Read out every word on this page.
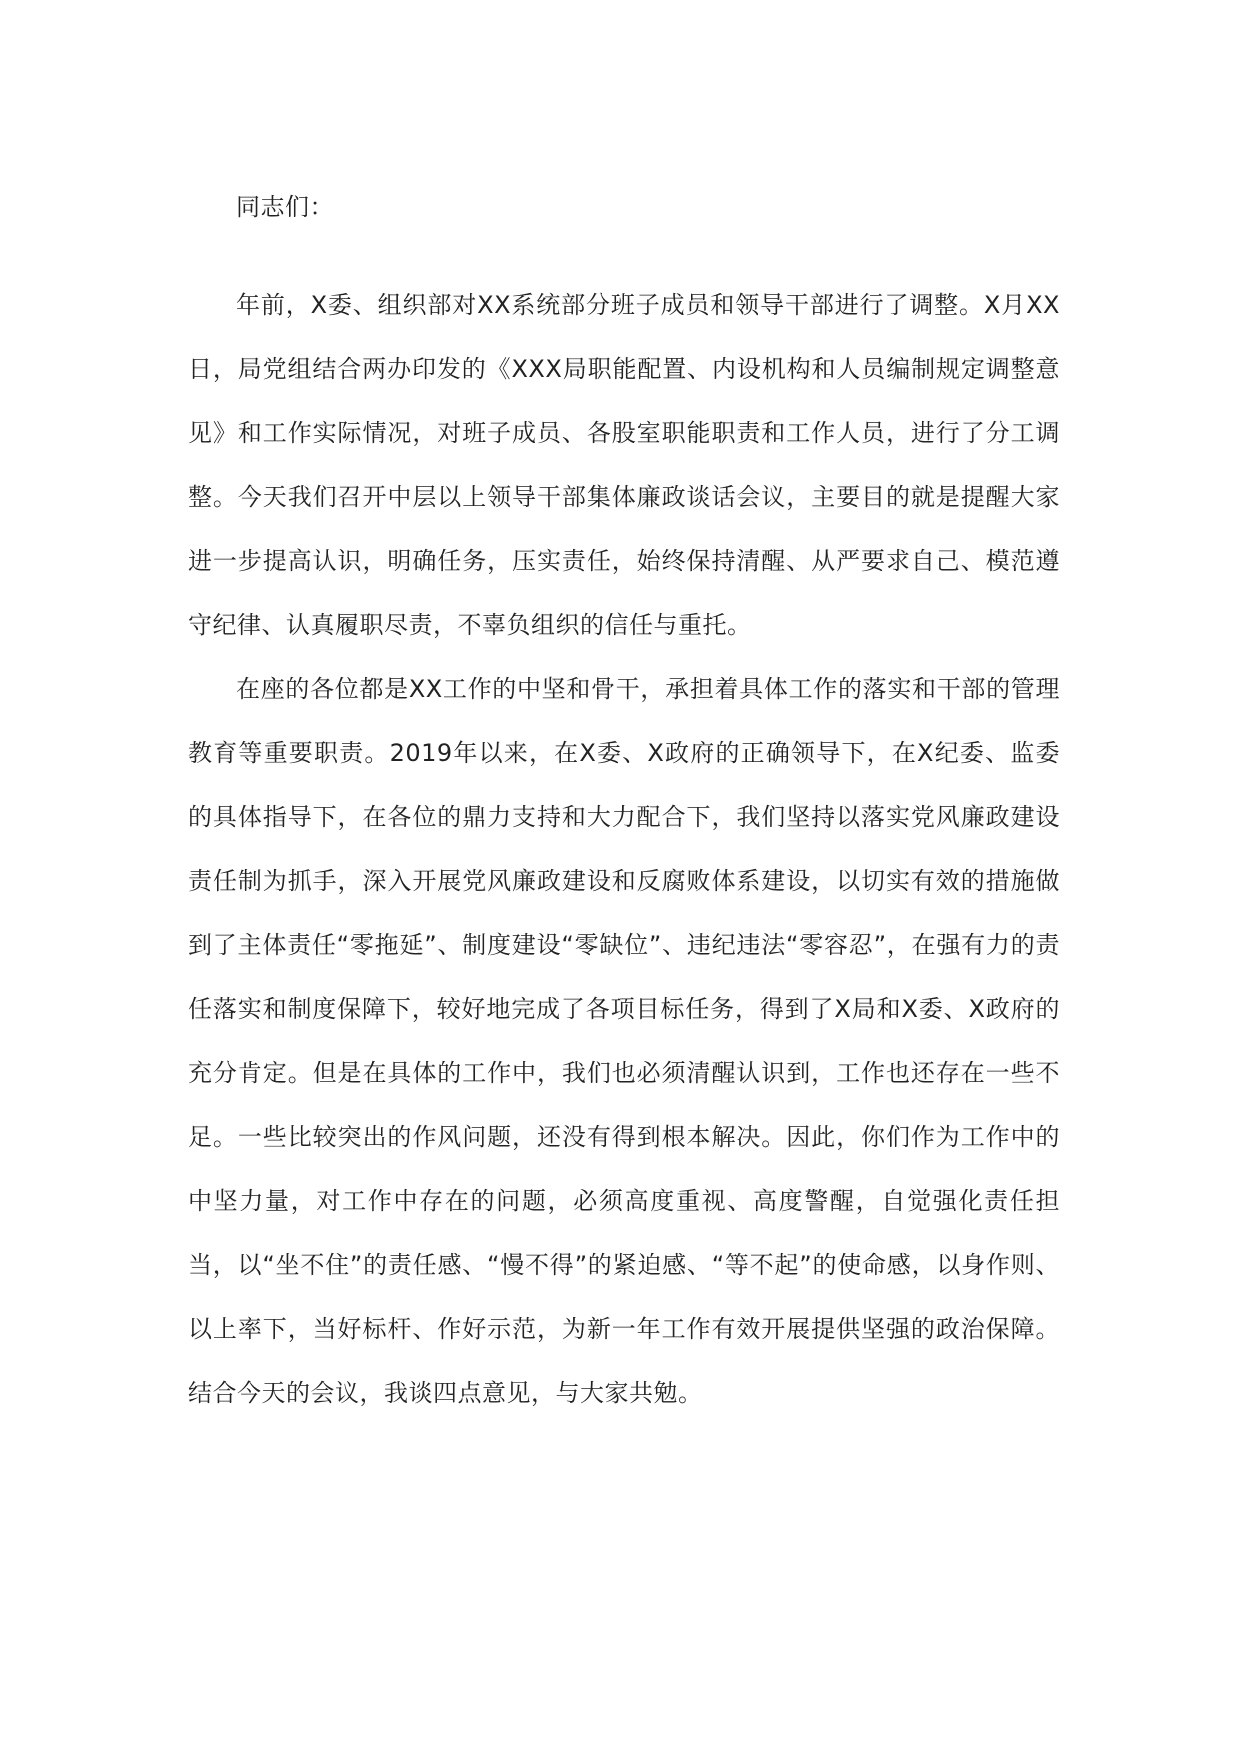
同志们：

年前，X委、组织部对XX系统部分班子成员和领导干部进行了调整。X月XX日，局党组结合两办印发的《XXX局职能配置、内设机构和人员编制规定调整意见》和工作实际情况，对班子成员、各股室职能职责和工作人员，进行了分工调整。今天我们召开中层以上领导干部集体廉政谈话会议，主要目的就是提醒大家进一步提高认识，明确任务，压实责任，始终保持清醒、从严要求自己、模范遵守纪律、认真履职尽责，不辜负组织的信任与重托。

在座的各位都是XX工作的中坚和骨干，承担着具体工作的落实和干部的管理教育等重要职责。2019年以来，在X委、X政府的正确领导下，在X纪委、监委的具体指导下，在各位的鼎力支持和大力配合下，我们坚持以落实党风廉政建设责任制为抓手，深入开展党风廉政建设和反腐败体系建设，以切实有效的措施做到了主体责任“零拖延”、制度建设“零缺位”、违纪违法“零容忍”，在强有力的责任落实和制度保障下，较好地完成了各项目标任务，得到了X局和X委、X政府的充分肯定。但是在具体的工作中，我们也必须清醒认识到，工作也还存在一些不足。一些比较突出的作风问题，还没有得到根本解决。因此，你们作为工作中的中坚力量，对工作中存在的问题，必须高度重视、高度警醒，自觉强化责任担当，以“坐不住”的责任感、“慢不得”的紧迫感、“等不起”的使命感，以身作则、以上率下，当好标杆、作好示范，为新一年工作有效开展提供坚强的政治保障。结合今天的会议，我谈四点意见，与大家共勉。
